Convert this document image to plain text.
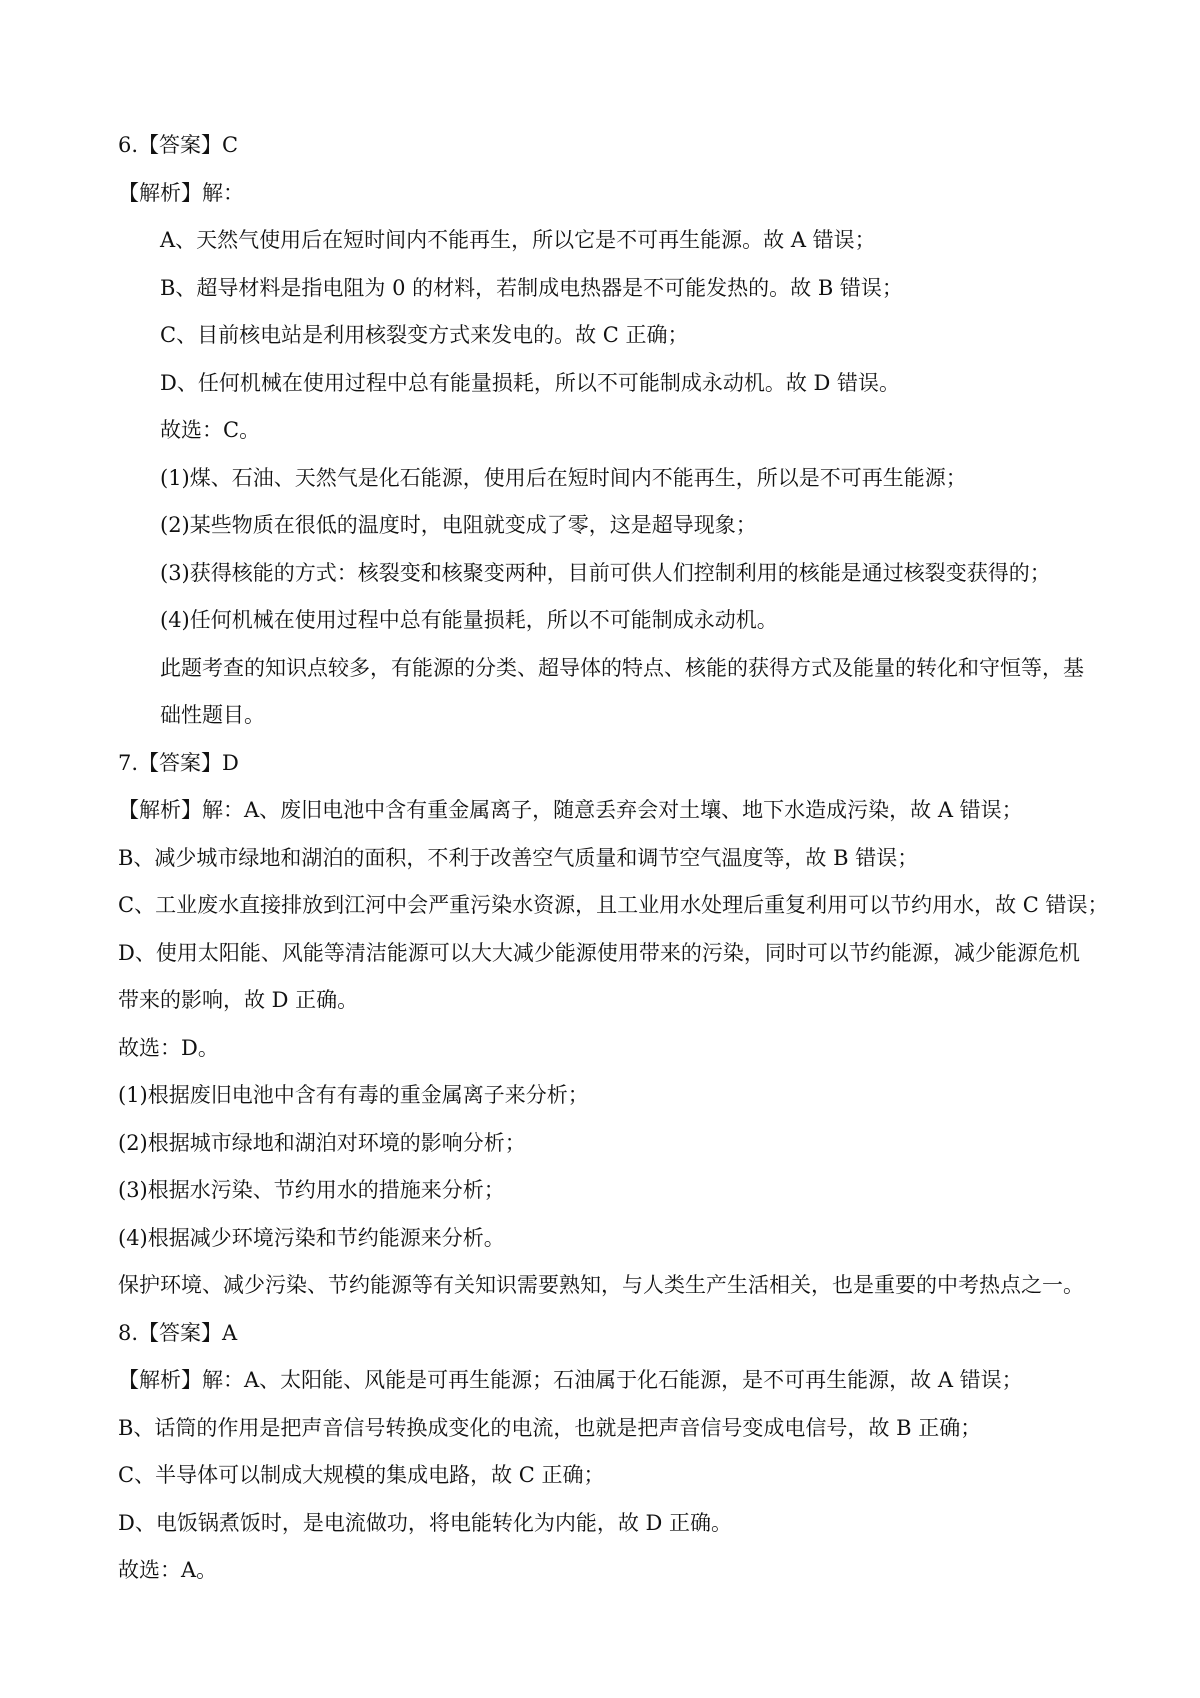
6.【答案】C
【解析】解：
A、天然气使用后在短时间内不能再生，所以它是不可再生能源。故 A 错误；
B、超导材料是指电阻为 0 的材料，若制成电热器是不可能发热的。故 B 错误；
C、目前核电站是利用核裂变方式来发电的。故 C 正确；
D、任何机械在使用过程中总有能量损耗，所以不可能制成永动机。故 D 错误。
故选：C。
(1)煤、石油、天然气是化石能源，使用后在短时间内不能再生，所以是不可再生能源；
(2)某些物质在很低的温度时，电阻就变成了零，这是超导现象；
(3)获得核能的方式：核裂变和核聚变两种，目前可供人们控制利用的核能是通过核裂变获得的；
(4)任何机械在使用过程中总有能量损耗，所以不可能制成永动机。
此题考查的知识点较多，有能源的分类、超导体的特点、核能的获得方式及能量的转化和守恒等，基
础性题目。
7.【答案】D
【解析】解：A、废旧电池中含有重金属离子，随意丢弃会对土壤、地下水造成污染，故 A 错误；
B、减少城市绿地和湖泊的面积，不利于改善空气质量和调节空气温度等，故 B 错误；
C、工业废水直接排放到江河中会严重污染水资源，且工业用水处理后重复利用可以节约用水，故 C 错误；
D、使用太阳能、风能等清洁能源可以大大减少能源使用带来的污染，同时可以节约能源，减少能源危机
带来的影响，故 D 正确。
故选：D。
(1)根据废旧电池中含有有毒的重金属离子来分析；
(2)根据城市绿地和湖泊对环境的影响分析；
(3)根据水污染、节约用水的措施来分析；
(4)根据减少环境污染和节约能源来分析。
保护环境、减少污染、节约能源等有关知识需要熟知，与人类生产生活相关，也是重要的中考热点之一。
8.【答案】A
【解析】解：A、太阳能、风能是可再生能源；石油属于化石能源，是不可再生能源，故 A 错误；
B、话筒的作用是把声音信号转换成变化的电流，也就是把声音信号变成电信号，故 B 正确；
C、半导体可以制成大规模的集成电路，故 C 正确；
D、电饭锅煮饭时，是电流做功，将电能转化为内能，故 D 正确。
故选：A。
